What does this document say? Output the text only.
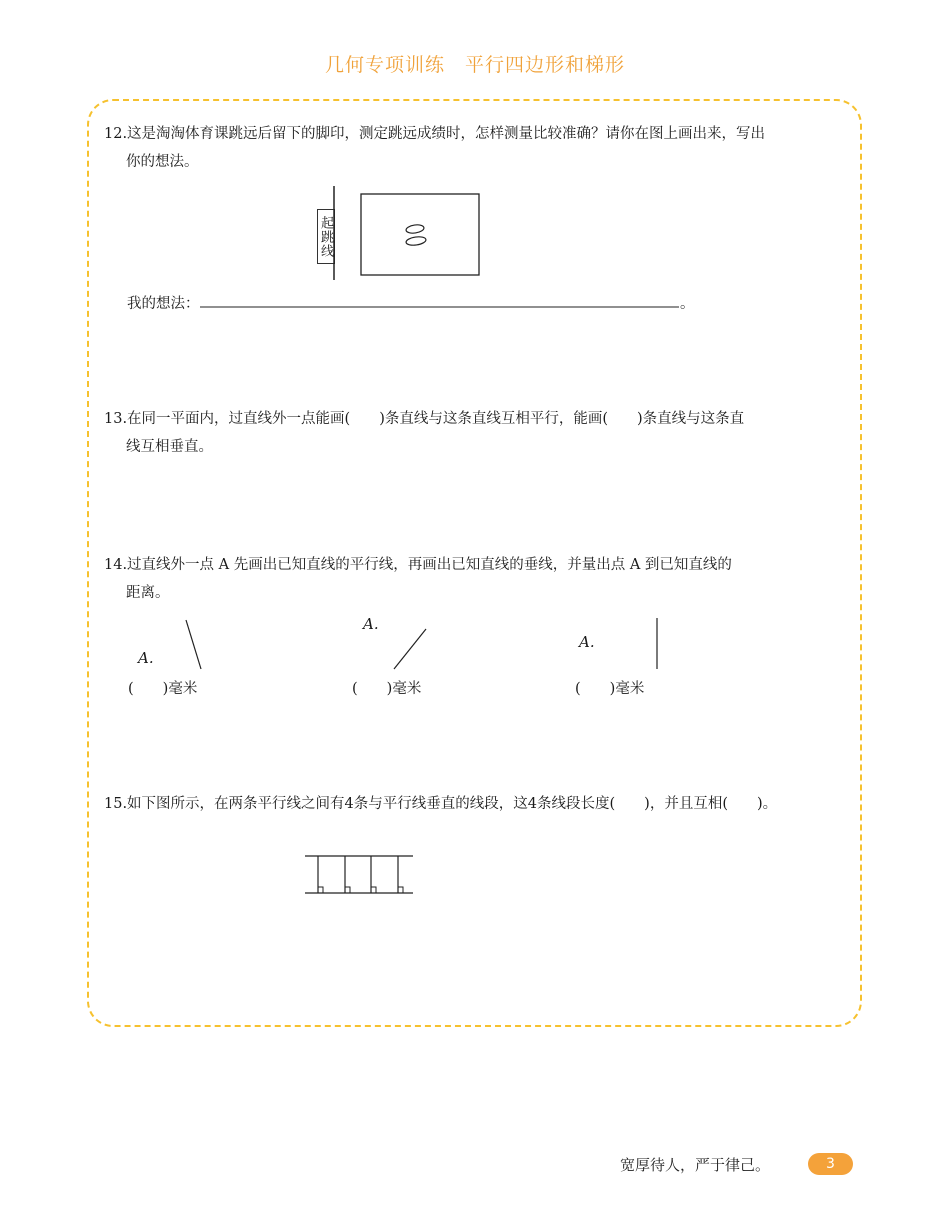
几何专项训练　平行四边形和梯形
12.这是淘淘体育课跳远后留下的脚印，测定跳远成绩时，怎样测量比较准确？请你在图上画出来，写出
你的想法。
起跳线
我的想法：	。
13.在同一平面内，过直线外一点能画(　　)条直线与这条直线互相平行，能画(　　)条直线与这条直
线互相垂直。
14.过直线外一点 A 先画出已知直线的平行线，再画出已知直线的垂线，并量出点 A 到已知直线的
距离。
A.
A.
A.
(　　)毫米	(　　)毫米	(　　)毫米
15.如下图所示，在两条平行线之间有4条与平行线垂直的线段，这4条线段长度(　　)，并且互相(　　)。
宽厚待人，严于律己。	3
